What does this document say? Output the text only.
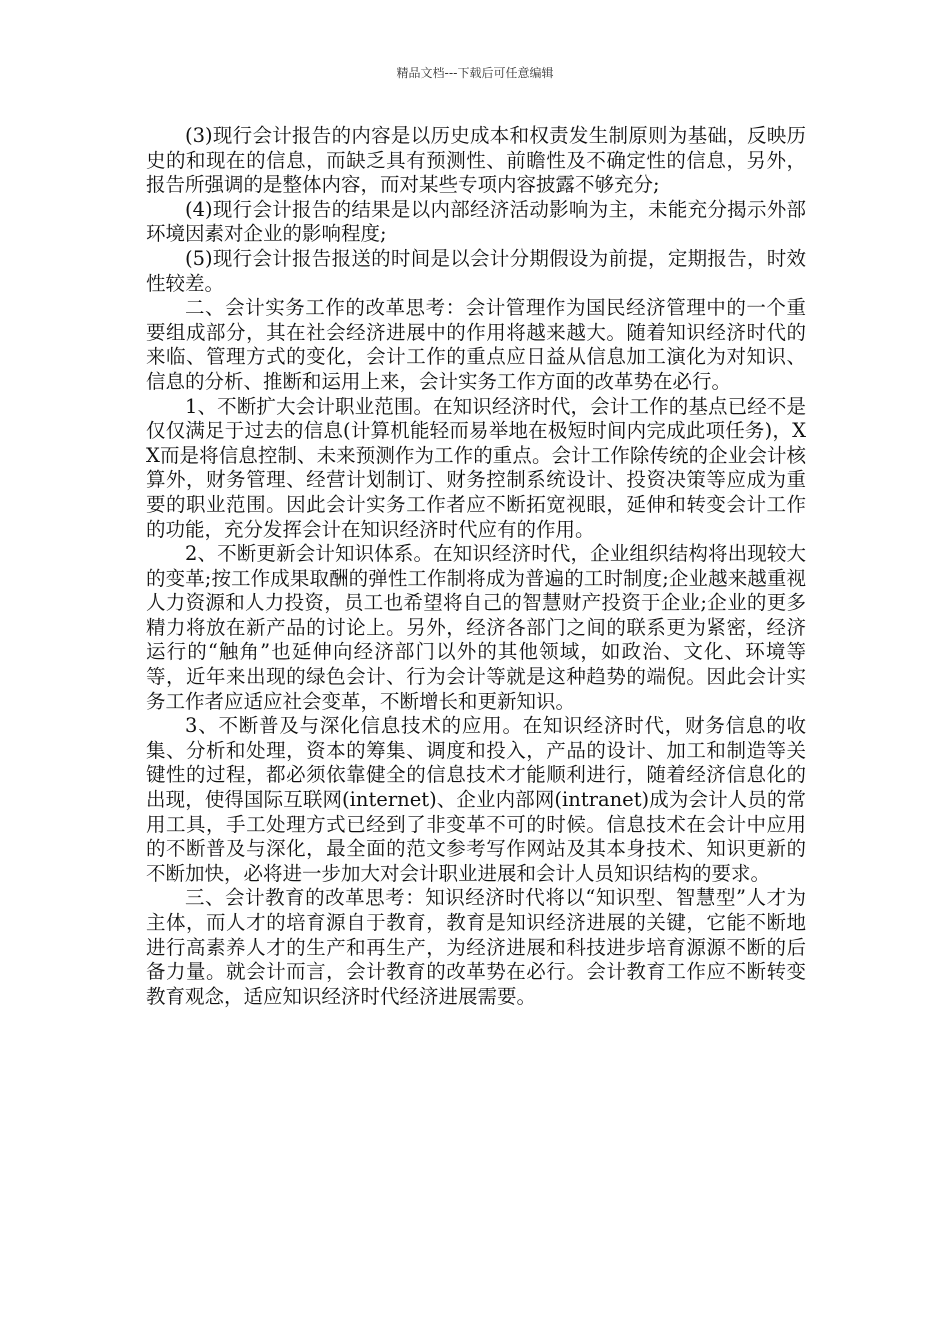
精品文档---下载后可任意编辑

(3)现行会计报告的内容是以历史成本和权责发生制原则为基础，反映历史的和现在的信息，而缺乏具有预测性、前瞻性及不确定性的信息，另外，报告所强调的是整体内容，而对某些专项内容披露不够充分;

(4)现行会计报告的结果是以内部经济活动影响为主，未能充分揭示外部环境因素对企业的影响程度;

(5)现行会计报告报送的时间是以会计分期假设为前提，定期报告，时效性较差。

二、会计实务工作的改革思考：会计管理作为国民经济管理中的一个重要组成部分，其在社会经济进展中的作用将越来越大。随着知识经济时代的来临、管理方式的变化，会计工作的重点应日益从信息加工演化为对知识、信息的分析、推断和运用上来，会计实务工作方面的改革势在必行。

1、不断扩大会计职业范围。在知识经济时代，会计工作的基点已经不是仅仅满足于过去的信息(计算机能轻而易举地在极短时间内完成此项任务)，XX而是将信息控制、未来预测作为工作的重点。会计工作除传统的企业会计核算外，财务管理、经营计划制订、财务控制系统设计、投资决策等应成为重要的职业范围。因此会计实务工作者应不断拓宽视眼，延伸和转变会计工作的功能，充分发挥会计在知识经济时代应有的作用。

2、不断更新会计知识体系。在知识经济时代，企业组织结构将出现较大的变革;按工作成果取酬的弹性工作制将成为普遍的工时制度;企业越来越重视人力资源和人力投资，员工也希望将自己的智慧财产投资于企业;企业的更多精力将放在新产品的讨论上。另外，经济各部门之间的联系更为紧密，经济运行的“触角”也延伸向经济部门以外的其他领域，如政治、文化、环境等等，近年来出现的绿色会计、行为会计等就是这种趋势的端倪。因此会计实务工作者应适应社会变革，不断增长和更新知识。

3、不断普及与深化信息技术的应用。在知识经济时代，财务信息的收集、分析和处理，资本的筹集、调度和投入，产品的设计、加工和制造等关键性的过程，都必须依靠健全的信息技术才能顺利进行，随着经济信息化的出现，使得国际互联网(internet)、企业内部网(intranet)成为会计人员的常用工具，手工处理方式已经到了非变革不可的时候。信息技术在会计中应用的不断普及与深化，最全面的范文参考写作网站及其本身技术、知识更新的不断加快，必将进一步加大对会计职业进展和会计人员知识结构的要求。

三、会计教育的改革思考：知识经济时代将以“知识型、智慧型”人才为主体，而人才的培育源自于教育，教育是知识经济进展的关键，它能不断地进行高素养人才的生产和再生产，为经济进展和科技进步培育源源不断的后备力量。就会计而言，会计教育的改革势在必行。会计教育工作应不断转变教育观念，适应知识经济时代经济进展需要。
